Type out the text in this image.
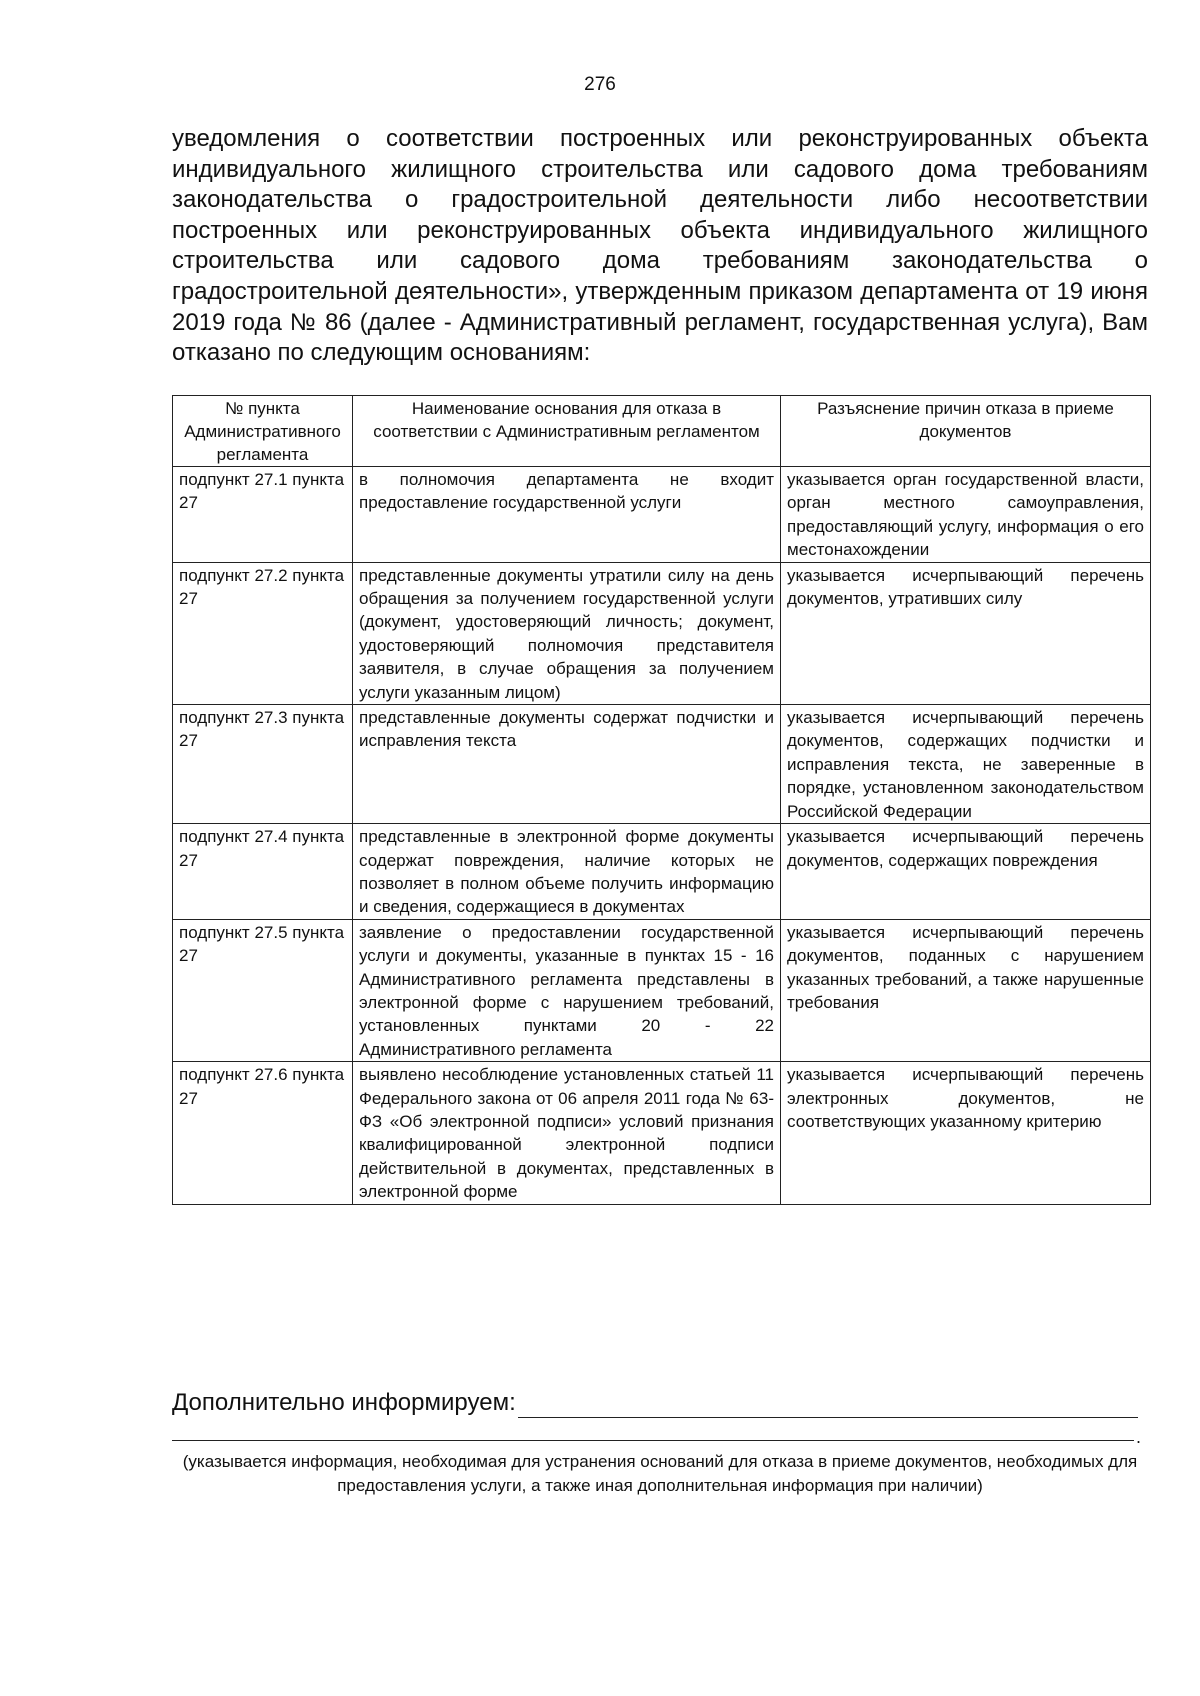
276

уведомления о соответствии построенных или реконструированных объекта индивидуального жилищного строительства или садового дома требованиям законодательства о градостроительной деятельности либо несоответствии построенных или реконструированных объекта индивидуального жилищного строительства или садового дома требованиям законодательства о градостроительной деятельности», утвержденным приказом департамента от 19 июня 2019 года № 86 (далее - Административный регламент, государственная услуга), Вам отказано по следующим основаниям:

№ пункта Административного регламента	Наименование основания для отказа в соответствии с Административным регламентом	Разъяснение причин отказа в приеме документов
подпункт 27.1 пункта 27	в полномочия департамента не входит предоставление государственной услуги	указывается орган государственной власти, орган местного самоуправления, предоставляющий услугу, информация о его местонахождении
подпункт 27.2 пункта 27	представленные документы утратили силу на день обращения за получением государственной услуги (документ, удостоверяющий личность; документ, удостоверяющий полномочия представителя заявителя, в случае обращения за получением услуги указанным лицом)	указывается исчерпывающий перечень документов, утративших силу
подпункт 27.3 пункта 27	представленные документы содержат подчистки и исправления текста	указывается исчерпывающий перечень документов, содержащих подчистки и исправления текста, не заверенные в порядке, установленном законодательством Российской Федерации
подпункт 27.4 пункта 27	представленные в электронной форме документы содержат повреждения, наличие которых не позволяет в полном объеме получить информацию и сведения, содержащиеся в документах	указывается исчерпывающий перечень документов, содержащих повреждения
подпункт 27.5 пункта 27	заявление о предоставлении государственной услуги и документы, указанные в пунктах 15 - 16 Административного регламента представлены в электронной форме с нарушением требований, установленных пунктами 20 - 22 Административного регламента	указывается исчерпывающий перечень документов, поданных с нарушением указанных требований, а также нарушенные требования
подпункт 27.6 пункта 27	выявлено несоблюдение установленных статьей 11 Федерального закона от 06 апреля 2011 года № 63-ФЗ «Об электронной подписи» условий признания квалифицированной электронной подписи действительной в документах, представленных в электронной форме	указывается исчерпывающий перечень электронных документов, не соответствующих указанному критерию
Дополнительно информируем:
.
(указывается информация, необходимая для устранения оснований для отказа в приеме документов, необходимых для предоставления услуги, а также иная дополнительная информация при наличии)
